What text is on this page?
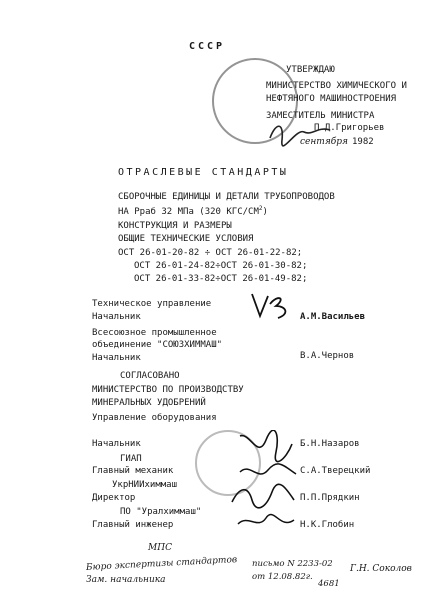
СССР
УТВЕРЖДАЮ
МИНИСТЕРСТВО ХИМИЧЕСКОГО И
НЕФТЯНОГО МАШИНОСТРОЕНИЯ
ЗАМЕСТИТЕЛЬ МИНИСТРА
П.Д.Григорьев
сентября 1982
ОТРАСЛЕВЫЕ СТАНДАРТЫ
СБОРОЧНЫЕ ЕДИНИЦЫ И ДЕТАЛИ ТРУБОПРОВОДОВ
НА Рраб 32 МПа (320 КГС/$СМ^2$)
КОНСТРУКЦИЯ И РАЗМЕРЫ
ОБЩИЕ ТЕХНИЧЕСКИЕ УСЛОВИЯ
ОСТ 26-01-20-82 ÷ ОСТ 26-01-22-82;
ОСТ 26-01-24-82÷ОСТ 26-01-30-82;
ОСТ 26-01-33-82÷ОСТ 26-01-49-82;
Техническое управление
Начальник	А.М.Васильев
Всесоюзное промышленное
объединение "СОЮЗХИММАШ"
Начальник	В.А.Чернов
СОГЛАСОВАНО
МИНИСТЕРСТВО ПО ПРОИЗВОДСТВУ
МИНЕРАЛЬНЫХ УДОБРЕНИЙ
Управление оборудования
Начальник	Б.Н.Назаров
ГИАП
Главный механик	С.А.Тверецкий
УкрНИИхиммаш
Директор	П.П.Прядкин
ПО "Уралхиммаш"
Главный инженер	Н.К.Глобин
МПС
Бюро экспертизы стандартов
Зам. начальника
письмо N 2233-02
от 12.08.82г.
4681
Г.Н. Соколов
